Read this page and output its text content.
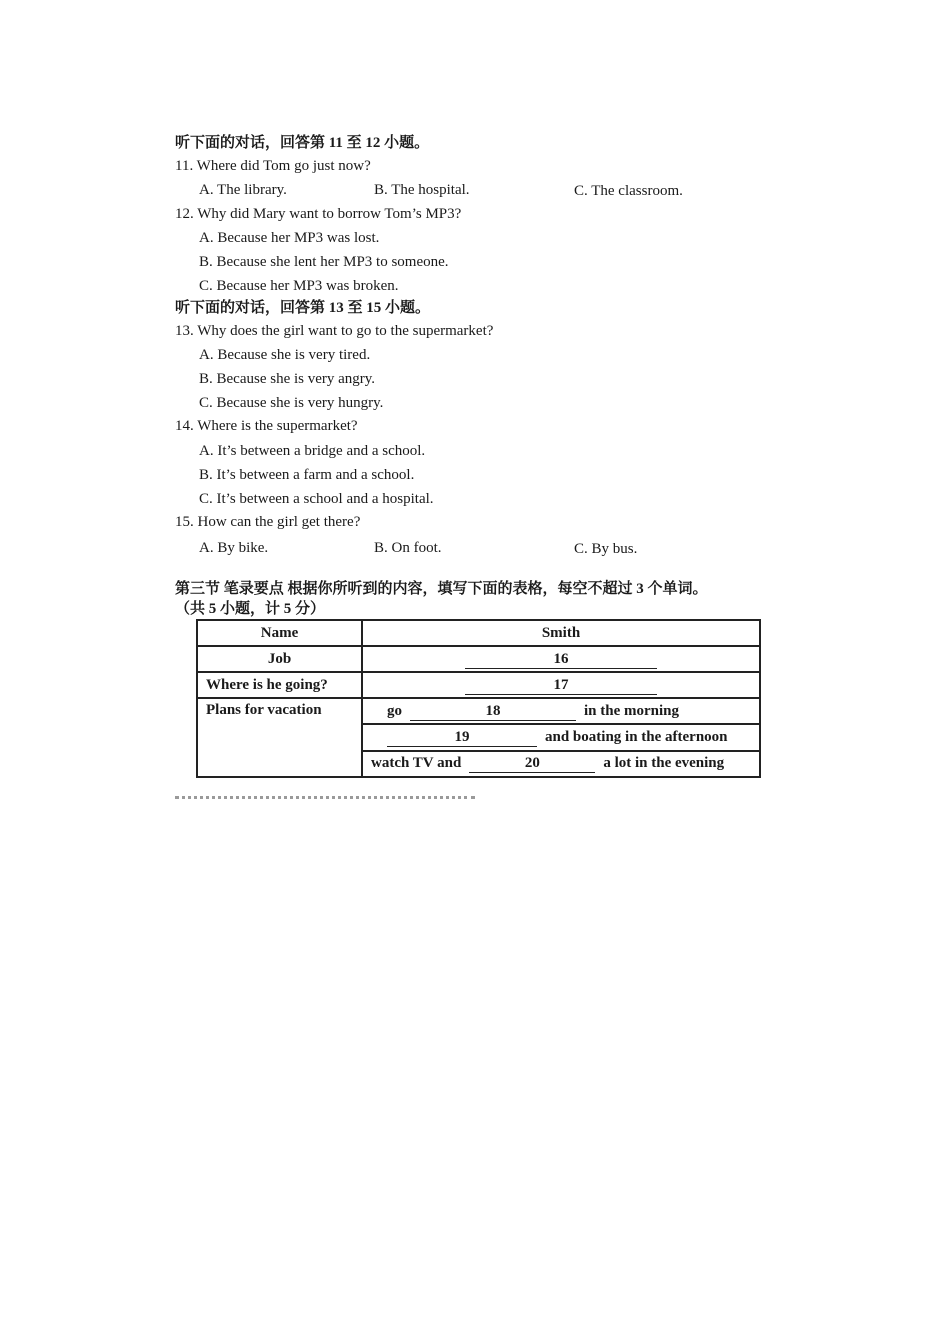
听下面的对话，回答第 11 至 12 小题。
11. Where did Tom go just now?
A. The library.	B. The hospital.	C. The classroom.
12. Why did Mary want to borrow Tom’s MP3?
A. Because her MP3 was lost.
B. Because she lent her MP3 to someone.
C. Because her MP3 was broken.
听下面的对话，回答第 13 至 15 小题。
13. Why does the girl want to go to the supermarket?
A. Because she is very tired.
B. Because she is very angry.
C. Because she is very hungry.
14. Where is the supermarket?
A. It’s between a bridge and a school.
B. It’s between a farm and a school.
C. It’s between a school and a hospital.
15. How can the girl get there?
A. By bike.	B. On foot.	C. By bus.
第三节 笔录要点 根据你所听到的内容，填写下面的表格，每空不超过 3 个单词。
（共 5 小题，计 5 分）
Name	Smith
Job	16
Where is he going?	17
Plans for vacation	go 18 in the morning

	19 and boating in the afternoon

	watch TV and 20 a lot in the evening
